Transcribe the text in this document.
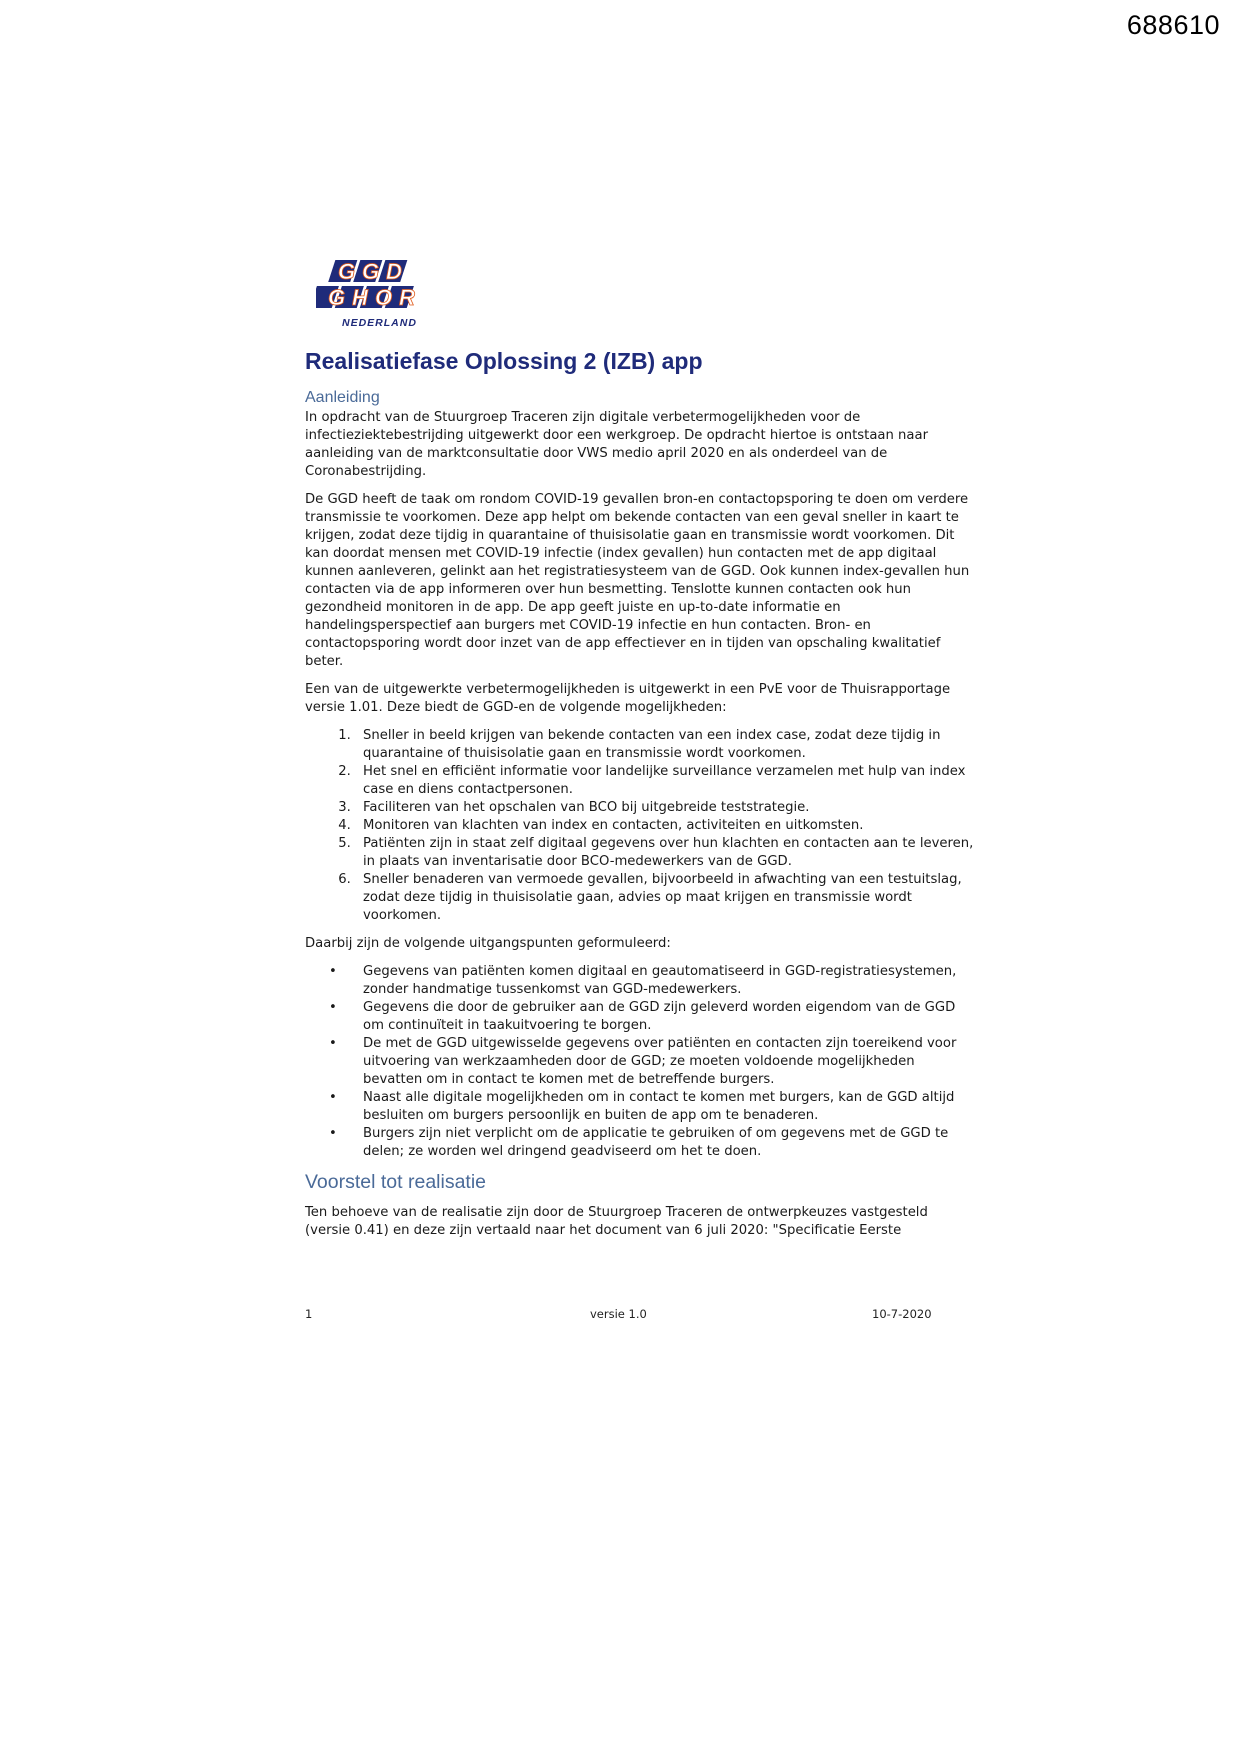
688610
G G D
G H O R
NEDERLAND
Realisatiefase Oplossing 2 (IZB) app
Aanleiding

In opdracht van de Stuurgroep Traceren zijn digitale verbetermogelijkheden voor de infectieziektebestrijding uitgewerkt door een werkgroep. De opdracht hiertoe is ontstaan naar aanleiding van de marktconsultatie door VWS medio april 2020 en als onderdeel van de Coronabestrijding.

De GGD heeft de taak om rondom COVID-19 gevallen bron-en contactopsporing te doen om verdere transmissie te voorkomen. Deze app helpt om bekende contacten van een geval sneller in kaart te krijgen, zodat deze tijdig in quarantaine of thuisisolatie gaan en transmissie wordt voorkomen. Dit kan doordat mensen met COVID-19 infectie (index gevallen) hun contacten met de app digitaal kunnen aanleveren, gelinkt aan het registratiesysteem van de GGD. Ook kunnen index-gevallen hun contacten via de app informeren over hun besmetting. Tenslotte kunnen contacten ook hun gezondheid monitoren in de app. De app geeft juiste en up-to-date informatie en handelingsperspectief aan burgers met COVID-19 infectie en hun contacten. Bron- en contactopsporing wordt door inzet van de app effectiever en in tijden van opschaling kwalitatief beter.

Een van de uitgewerkte verbetermogelijkheden is uitgewerkt in een PvE voor de Thuisrapportage versie 1.01. Deze biedt de GGD-en de volgende mogelijkheden:

1. Sneller in beeld krijgen van bekende contacten van een index case, zodat deze tijdig in quarantaine of thuisisolatie gaan en transmissie wordt voorkomen.
2. Het snel en efficiënt informatie voor landelijke surveillance verzamelen met hulp van index case en diens contactpersonen.
3. Faciliteren van het opschalen van BCO bij uitgebreide teststrategie.
4. Monitoren van klachten van index en contacten, activiteiten en uitkomsten.
5. Patiënten zijn in staat zelf digitaal gegevens over hun klachten en contacten aan te leveren, in plaats van inventarisatie door BCO-medewerkers van de GGD.
6. Sneller benaderen van vermoede gevallen, bijvoorbeeld in afwachting van een testuitslag, zodat deze tijdig in thuisisolatie gaan, advies op maat krijgen en transmissie wordt voorkomen.

Daarbij zijn de volgende uitgangspunten geformuleerd:

• Gegevens van patiënten komen digitaal en geautomatiseerd in GGD-registratiesystemen, zonder handmatige tussenkomst van GGD-medewerkers.
• Gegevens die door de gebruiker aan de GGD zijn geleverd worden eigendom van de GGD om continuïteit in taakuitvoering te borgen.
• De met de GGD uitgewisselde gegevens over patiënten en contacten zijn toereikend voor uitvoering van werkzaamheden door de GGD; ze moeten voldoende mogelijkheden bevatten om in contact te komen met de betreffende burgers.
• Naast alle digitale mogelijkheden om in contact te komen met burgers, kan de GGD altijd besluiten om burgers persoonlijk en buiten de app om te benaderen.
• Burgers zijn niet verplicht om de applicatie te gebruiken of om gegevens met de GGD te delen; ze worden wel dringend geadviseerd om het te doen.
Voorstel tot realisatie

Ten behoeve van de realisatie zijn door de Stuurgroep Traceren de ontwerpkeuzes vastgesteld (versie 0.41) en deze zijn vertaald naar het document van 6 juli 2020: "Specificatie Eerste

1	versie 1.0	10-7-2020
